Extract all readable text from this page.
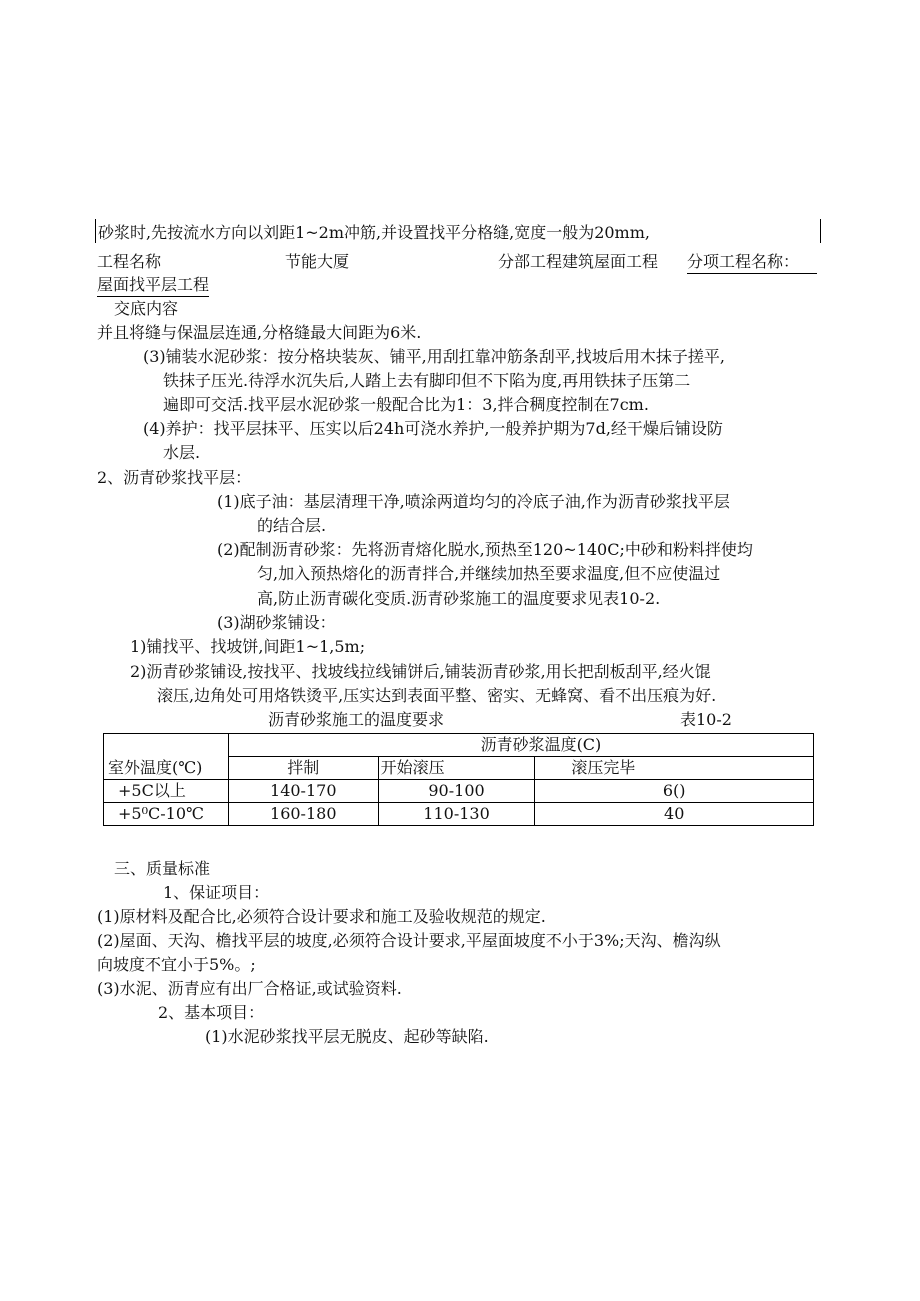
砂浆时,先按流水方向以刘距1~2m冲筋,并设置找平分格缝,宽度一般为20mm,
工程名称	节能大厦	分部工程建筑屋面工程 分项工程名称：
屋面找平层工程
交底内容
并且将缝与保温层连通,分格缝最大间距为6米.
(3)铺装水泥砂浆：按分格块装灰、铺平,用刮扛靠冲筋条刮平,找坡后用木抹子搓平,
铁抹子压光.待浮水沉失后,人踏上去有脚印但不下陷为度,再用铁抹子压第二
遍即可交活.找平层水泥砂浆一般配合比为1：3,拌合稠度控制在7cm.
(4)养护：找平层抹平、压实以后24h可浇水养护,一般养护期为7d,经干燥后铺设防
水层.
2、沥青砂浆找平层：
(1)底子油：基层清理干净,喷涂两道均匀的冷底子油,作为沥青砂浆找平层
的结合层.
(2)配制沥青砂浆：先将沥青熔化脱水,预热至120~140C;中砂和粉料拌使均
匀,加入预热熔化的沥青拌合,并继续加热至要求温度,但不应使温过
高,防止沥青碳化变质.沥青砂浆施工的温度要求见表10-2.
(3)湖砂浆铺设：
1)铺找平、找坡饼,间距1~1,5m;
2)沥青砂浆铺设,按找平、找坡线拉线铺饼后,铺装沥青砂浆,用长把刮板刮平,经火馄
滚压,边角处可用烙铁烫平,压实达到表面平整、密实、无蜂窝、看不出压痕为好.
沥青砂浆施工的温度要求	表10-2
室外温度(℃)	沥青砂浆温度(C)		
	拌制	开始滚压	滚压完毕
+5C以上	140-170	90-100	6()
+5⁰C-10℃	160-180	110-130	40
三、质量标准
1、保证项目：
(1)原材料及配合比,必须符合设计要求和施工及验收规范的规定.
(2)屋面、天沟、檐找平层的坡度,必须符合设计要求,平屋面坡度不小于3%;天沟、檐沟纵
向坡度不宜小于5%。;
(3)水泥、沥青应有出厂合格证,或试验资料.
2、基本项目：
(1)水泥砂浆找平层无脱皮、起砂等缺陷.
